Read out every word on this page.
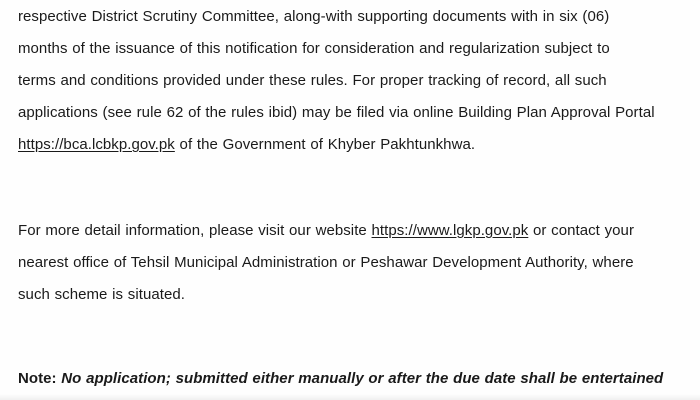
respective District Scrutiny Committee, along-with supporting documents with in six (06)
months of the issuance of this notification for consideration and regularization subject to
terms and conditions provided under these rules. For proper tracking of record, all such
applications (see rule 62 of the rules ibid) may be filed via online Building Plan Approval Portal
https://bca.lcbkp.gov.pk of the Government of Khyber Pakhtunkhwa.
For more detail information, please visit our website https://www.lgkp.gov.pk or contact your
nearest office of Tehsil Municipal Administration or Peshawar Development Authority, where
such scheme is situated.
Note: No application; submitted either manually or after the due date shall be entertained
